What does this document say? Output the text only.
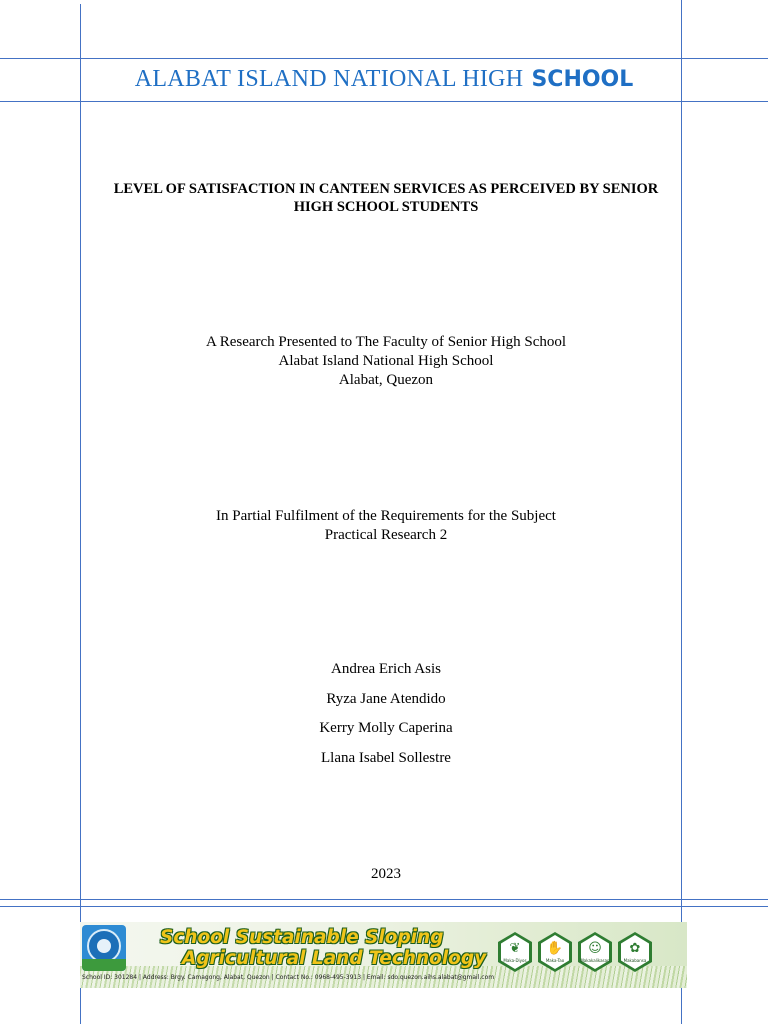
ALABAT ISLAND NATIONAL HIGH SCHOOL
LEVEL OF SATISFACTION IN CANTEEN SERVICES AS PERCEIVED BY SENIOR
HIGH SCHOOL STUDENTS
A Research Presented to The Faculty of Senior High School
Alabat Island National High School
Alabat, Quezon
In Partial Fulfilment of the Requirements for the Subject
Practical Research 2
Andrea Erich Asis
Ryza Jane Atendido
Kerry Molly Caperina
Llana Isabel Sollestre
2023
School Sustainable Sloping
Agricultural Land Technology
School ID: 301284 | Address: Brgy. Camagong, Alabat, Quezon | Contact No.: 0968-495-3913 | Email: sdo.quezon.aihs.alabat@gmail.com
❦
Maka-Diyos
✋
Maka-Tao
☺
Makakalikasan
✿
Makabansa
